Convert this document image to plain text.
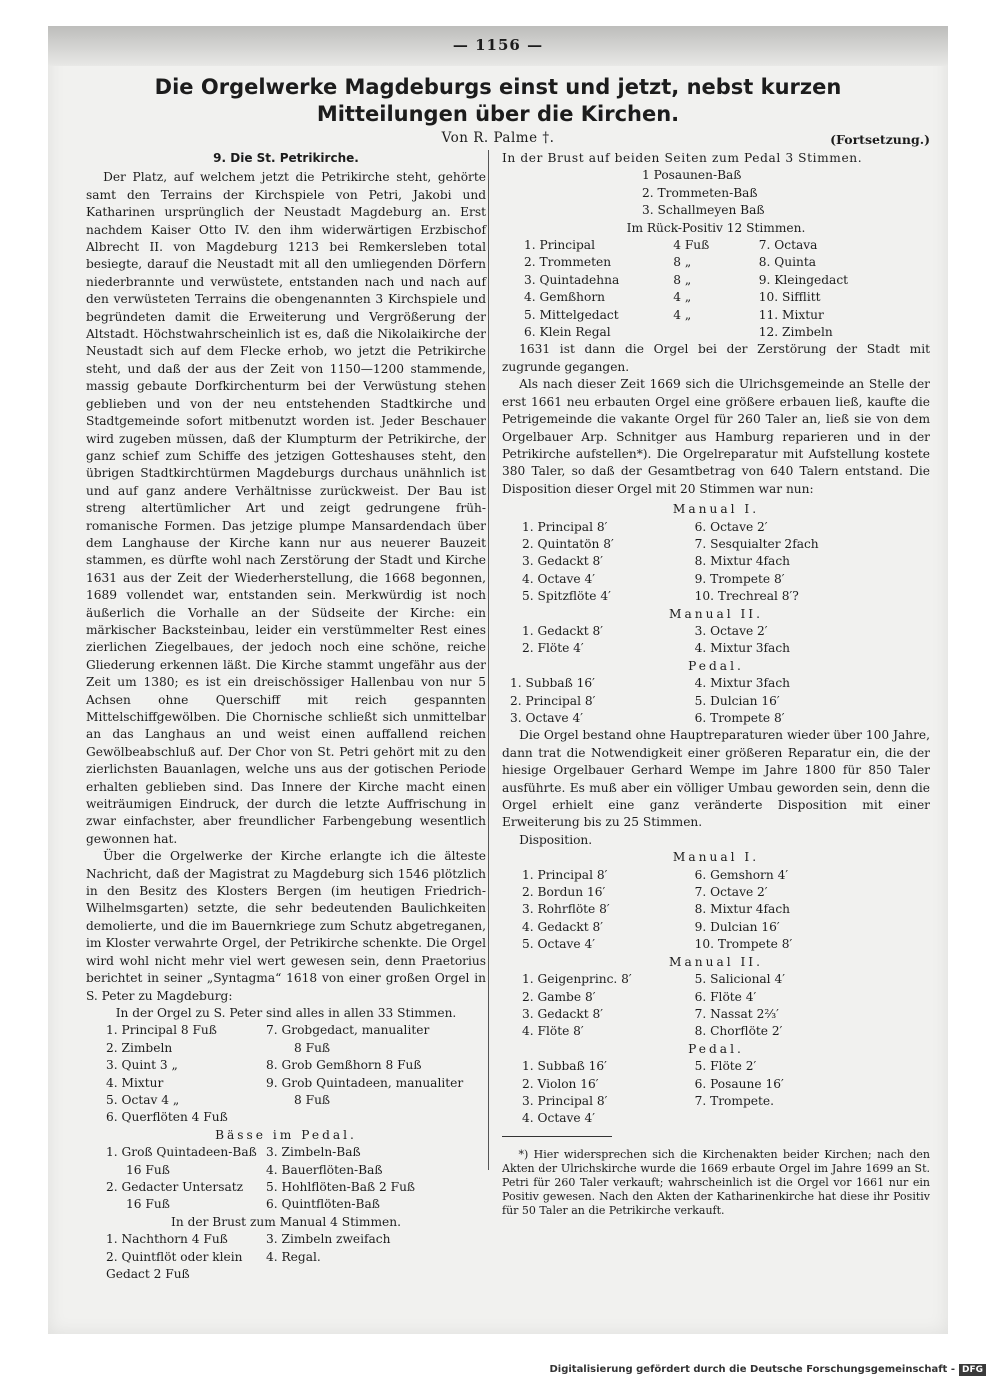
— 1156 —
Die Orgelwerke Magdeburgs einst und jetzt, nebst kurzen Mitteilungen über die Kirchen.
Von R. Palme †.	(Fortsetzung.)
9. Die St. Petrikirche.

Der Platz, auf welchem jetzt die Petrikirche steht, gehörte samt den Terrains der Kirchspiele von Petri, Jakobi und Katharinen ursprünglich der Neustadt Magdeburg an. Erst nachdem Kaiser Otto IV. den ihm widerwärtigen Erzbischof Albrecht II. von Magdeburg 1213 bei Remkersleben total besiegte, darauf die Neustadt mit all den umliegenden Dörfern niederbrannte und verwüstete, entstanden nach und nach auf den verwüsteten Terrains die obengenannten 3 Kirchspiele und begründeten damit die Erweiterung und Vergrößerung der Altstadt. Höchstwahrscheinlich ist es, daß die Nikolaikirche der Neustadt sich auf dem Flecke erhob, wo jetzt die Petrikirche steht, und daß der aus der Zeit von 1150—1200 stammende, massig gebaute Dorfkirchenturm bei der Verwüstung stehen geblieben und von der neu entstehenden Stadtkirche und Stadtgemeinde sofort mitbenutzt worden ist. Jeder Beschauer wird zugeben müssen, daß der Klumpturm der Petrikirche, der ganz schief zum Schiffe des jetzigen Gotteshauses steht, den übrigen Stadtkirchtürmen Magdeburgs durchaus unähnlich ist und auf ganz andere Verhältnisse zurückweist. Der Bau ist streng altertümlicher Art und zeigt gedrungene früh-romanische Formen. Das jetzige plumpe Mansardendach über dem Langhause der Kirche kann nur aus neuerer Bauzeit stammen, es dürfte wohl nach Zerstörung der Stadt und Kirche 1631 aus der Zeit der Wiederherstellung, die 1668 begonnen, 1689 vollendet war, entstanden sein. Merkwürdig ist noch äußerlich die Vorhalle an der Südseite der Kirche: ein märkischer Backsteinbau, leider ein verstümmelter Rest eines zierlichen Ziegelbaues, der jedoch noch eine schöne, reiche Gliederung erkennen läßt. Die Kirche stammt ungefähr aus der Zeit um 1380; es ist ein dreischössiger Hallenbau von nur 5 Achsen ohne Querschiff mit reich gespannten Mittelschiffgewölben. Die Chornische schließt sich unmittelbar an das Langhaus an und weist einen auffallend reichen Gewölbeabschluß auf. Der Chor von St. Petri gehört mit zu den zierlichsten Bauanlagen, welche uns aus der gotischen Periode erhalten geblieben sind. Das Innere der Kirche macht einen weiträumigen Eindruck, der durch die letzte Auffrischung in zwar einfachster, aber freundlicher Farbengebung wesentlich gewonnen hat.

Über die Orgelwerke der Kirche erlangte ich die älteste Nachricht, daß der Magistrat zu Magdeburg sich 1546 plötzlich in den Besitz des Klosters Bergen (im heutigen Friedrich-Wilhelmsgarten) setzte, die sehr bedeutenden Baulichkeiten demolierte, und die im Bauernkriege zum Schutz abgetreganen, im Kloster verwahrte Orgel, der Petrikirche schenkte. Die Orgel wird wohl nicht mehr viel wert gewesen sein, denn Praetorius berichtet in seiner „Syntagma“ 1618 von einer großen Orgel in S. Peter zu Magdeburg:

In der Orgel zu S. Peter sind alles in allen 33 Stimmen.
1. Principal 8 Fuß	7. Grobgedact, manualiter
2. Zimbeln	8 Fuß
3. Quint 3 „	8. Grob Gemßhorn 8 Fuß
4. Mixtur	9. Grob Quintadeen, manualiter
5. Octav 4 „	8 Fuß
6. Querflöten 4 Fuß
Bässe im Pedal.
1. Groß Quintadeen-Baß 3. Zimbeln-Baß
16 Fuß	4. Bauerflöten-Baß
2. Gedacter Untersatz	5. Hohlflöten-Baß 2 Fuß
16 Fuß	6. Quintflöten-Baß
In der Brust zum Manual 4 Stimmen.
1. Nachthorn 4 Fuß	3. Zimbeln zweifach
2. Quintflöt oder klein Gedact 2 Fuß
4. Regal.
In der Brust auf beiden Seiten zum Pedal 3 Stimmen.
1 Posaunen-Baß
2. Trommeten-Baß
3. Schallmeyen Baß
Im Rück-Positiv 12 Stimmen.
1. Principal	4 Fuß	7. Octava
2. Trommeten	8 „	8. Quinta
3. Quintadehna	8 „	9. Kleingedact
4. Gemßhorn	4 „	10. Sifflitt
5. Mittelgedact	4 „	11. Mixtur
6. Klein Regal	12. Zimbeln

1631 ist dann die Orgel bei der Zerstörung der Stadt mit zugrunde gegangen.

Als nach dieser Zeit 1669 sich die Ulrichsgemeinde an Stelle der erst 1661 neu erbauten Orgel eine größere erbauen ließ, kaufte die Petrigemeinde die vakante Orgel für 260 Taler an, ließ sie von dem Orgelbauer Arp. Schnitger aus Hamburg reparieren und in der Petrikirche aufstellen*). Die Orgelreparatur mit Aufstellung kostete 380 Taler, so daß der Gesamtbetrag von 640 Talern entstand. Die Disposition dieser Orgel mit 20 Stimmen war nun:

Manual I.
1. Principal 8′	6. Octave 2′
2. Quintatön 8′	7. Sesquialter 2fach
3. Gedackt 8′	8. Mixtur 4fach
4. Octave 4′	9. Trompete 8′
5. Spitzflöte 4′	10. Trechreal 8′?
Manual II.
1. Gedackt 8′	3. Octave 2′
2. Flöte 4′	4. Mixtur 3fach
Pedal.
1. Subbaß 16′	4. Mixtur 3fach
2. Principal 8′	5. Dulcian 16′
3. Octave 4′	6. Trompete 8′

Die Orgel bestand ohne Hauptreparaturen wieder über 100 Jahre, dann trat die Notwendigkeit einer größeren Reparatur ein, die der hiesige Orgelbauer Gerhard Wempe im Jahre 1800 für 850 Taler ausführte. Es muß aber ein völliger Umbau geworden sein, denn die Orgel erhielt eine ganz veränderte Disposition mit einer Erweiterung bis zu 25 Stimmen.

Disposition.

Manual I.
1. Principal 8′	6. Gemshorn 4′
2. Bordun 16′	7. Octave 2′
3. Rohrflöte 8′	8. Mixtur 4fach
4. Gedackt 8′	9. Dulcian 16′
5. Octave 4′	10. Trompete 8′
Manual II.
1. Geigenprinc. 8′	5. Salicional 4′
2. Gambe 8′	6. Flöte 4′
3. Gedackt 8′	7. Nassat 2⅔′
4. Flöte 8′	8. Chorflöte 2′
Pedal.
1. Subbaß 16′	5. Flöte 2′
2. Violon 16′	6. Posaune 16′
3. Principal 8′	7. Trompete.
4. Octave 4′

*) Hier widersprechen sich die Kirchenakten beider Kirchen; nach den Akten der Ulrichskirche wurde die 1669 erbaute Orgel im Jahre 1699 an St. Petri für 260 Taler verkauft; wahrscheinlich ist die Orgel vor 1661 nur ein Positiv gewesen. Nach den Akten der Katharinenkirche hat diese ihr Positiv für 50 Taler an die Petrikirche verkauft.

Digitalisierung gefördert durch die Deutsche Forschungsgemeinschaft - DFG
